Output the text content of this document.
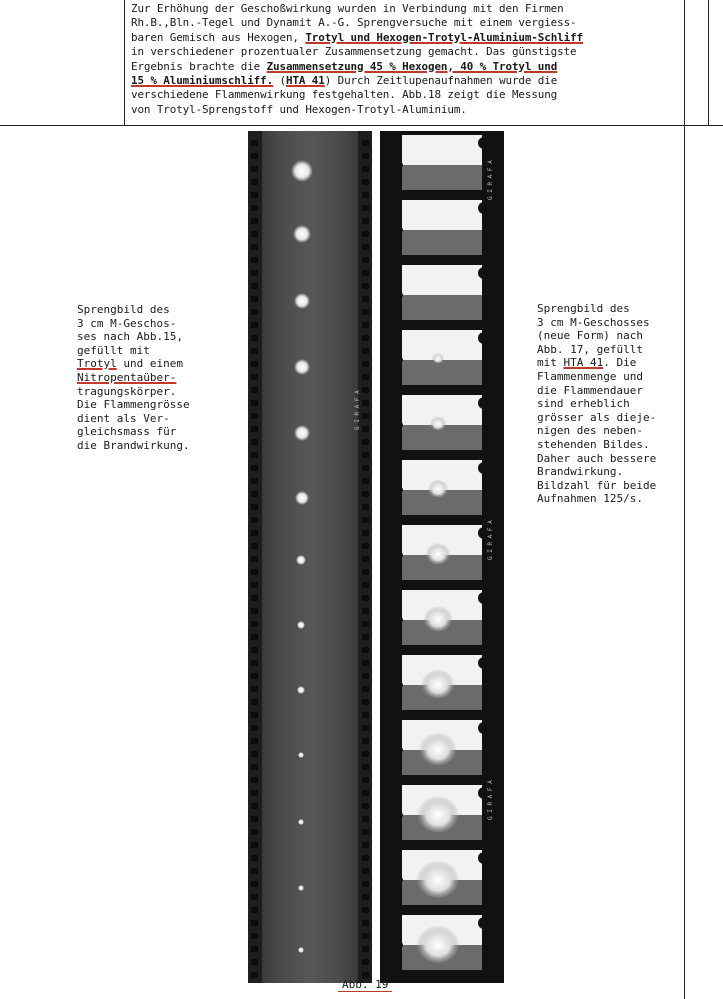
Zur Erhöhung der Geschoßwirkung wurden in Verbindung mit den Firmen
Rh.B.,Bln.-Tegel und Dynamit A.-G. Sprengversuche mit einem vergiess-
baren Gemisch aus Hexogen, Trotyl und Hexogen-Trotyl-Aluminium-Schliff
in verschiedener prozentualer Zusammensetzung gemacht. Das günstigste
Ergebnis brachte die Zusammensetzung 45 % Hexogen, 40 % Trotyl und
15 % Aluminiumschliff. (HTA 41) Durch Zeitlupenaufnahmen wurde die
verschiedene Flammenwirkung festgehalten. Abb.18 zeigt die Messung
von Trotyl-Sprengstoff und Hexogen-Trotyl-Aluminium.
G I R A F A
G I R A F A
G I R A F A
G I R A F A
Sprengbild des
3 cm M-Geschos-
ses nach Abb.15,
gefüllt mit
Trotyl und einem
Nitropentaüber-
tragungskörper.
Die Flammengrösse
dient als Ver-
gleichsmass für
die Brandwirkung.
Sprengbild des
3 cm M-Geschosses
(neue Form) nach
Abb. 17, gefüllt
mit HTA 41. Die
Flammenmenge und
die Flammendauer
sind erheblich
grösser als dieje-
nigen des neben-
stehenden Bildes.
Daher auch bessere
Brandwirkung.
Bildzahl für beide
Aufnahmen 125/s.
Abb. 19
